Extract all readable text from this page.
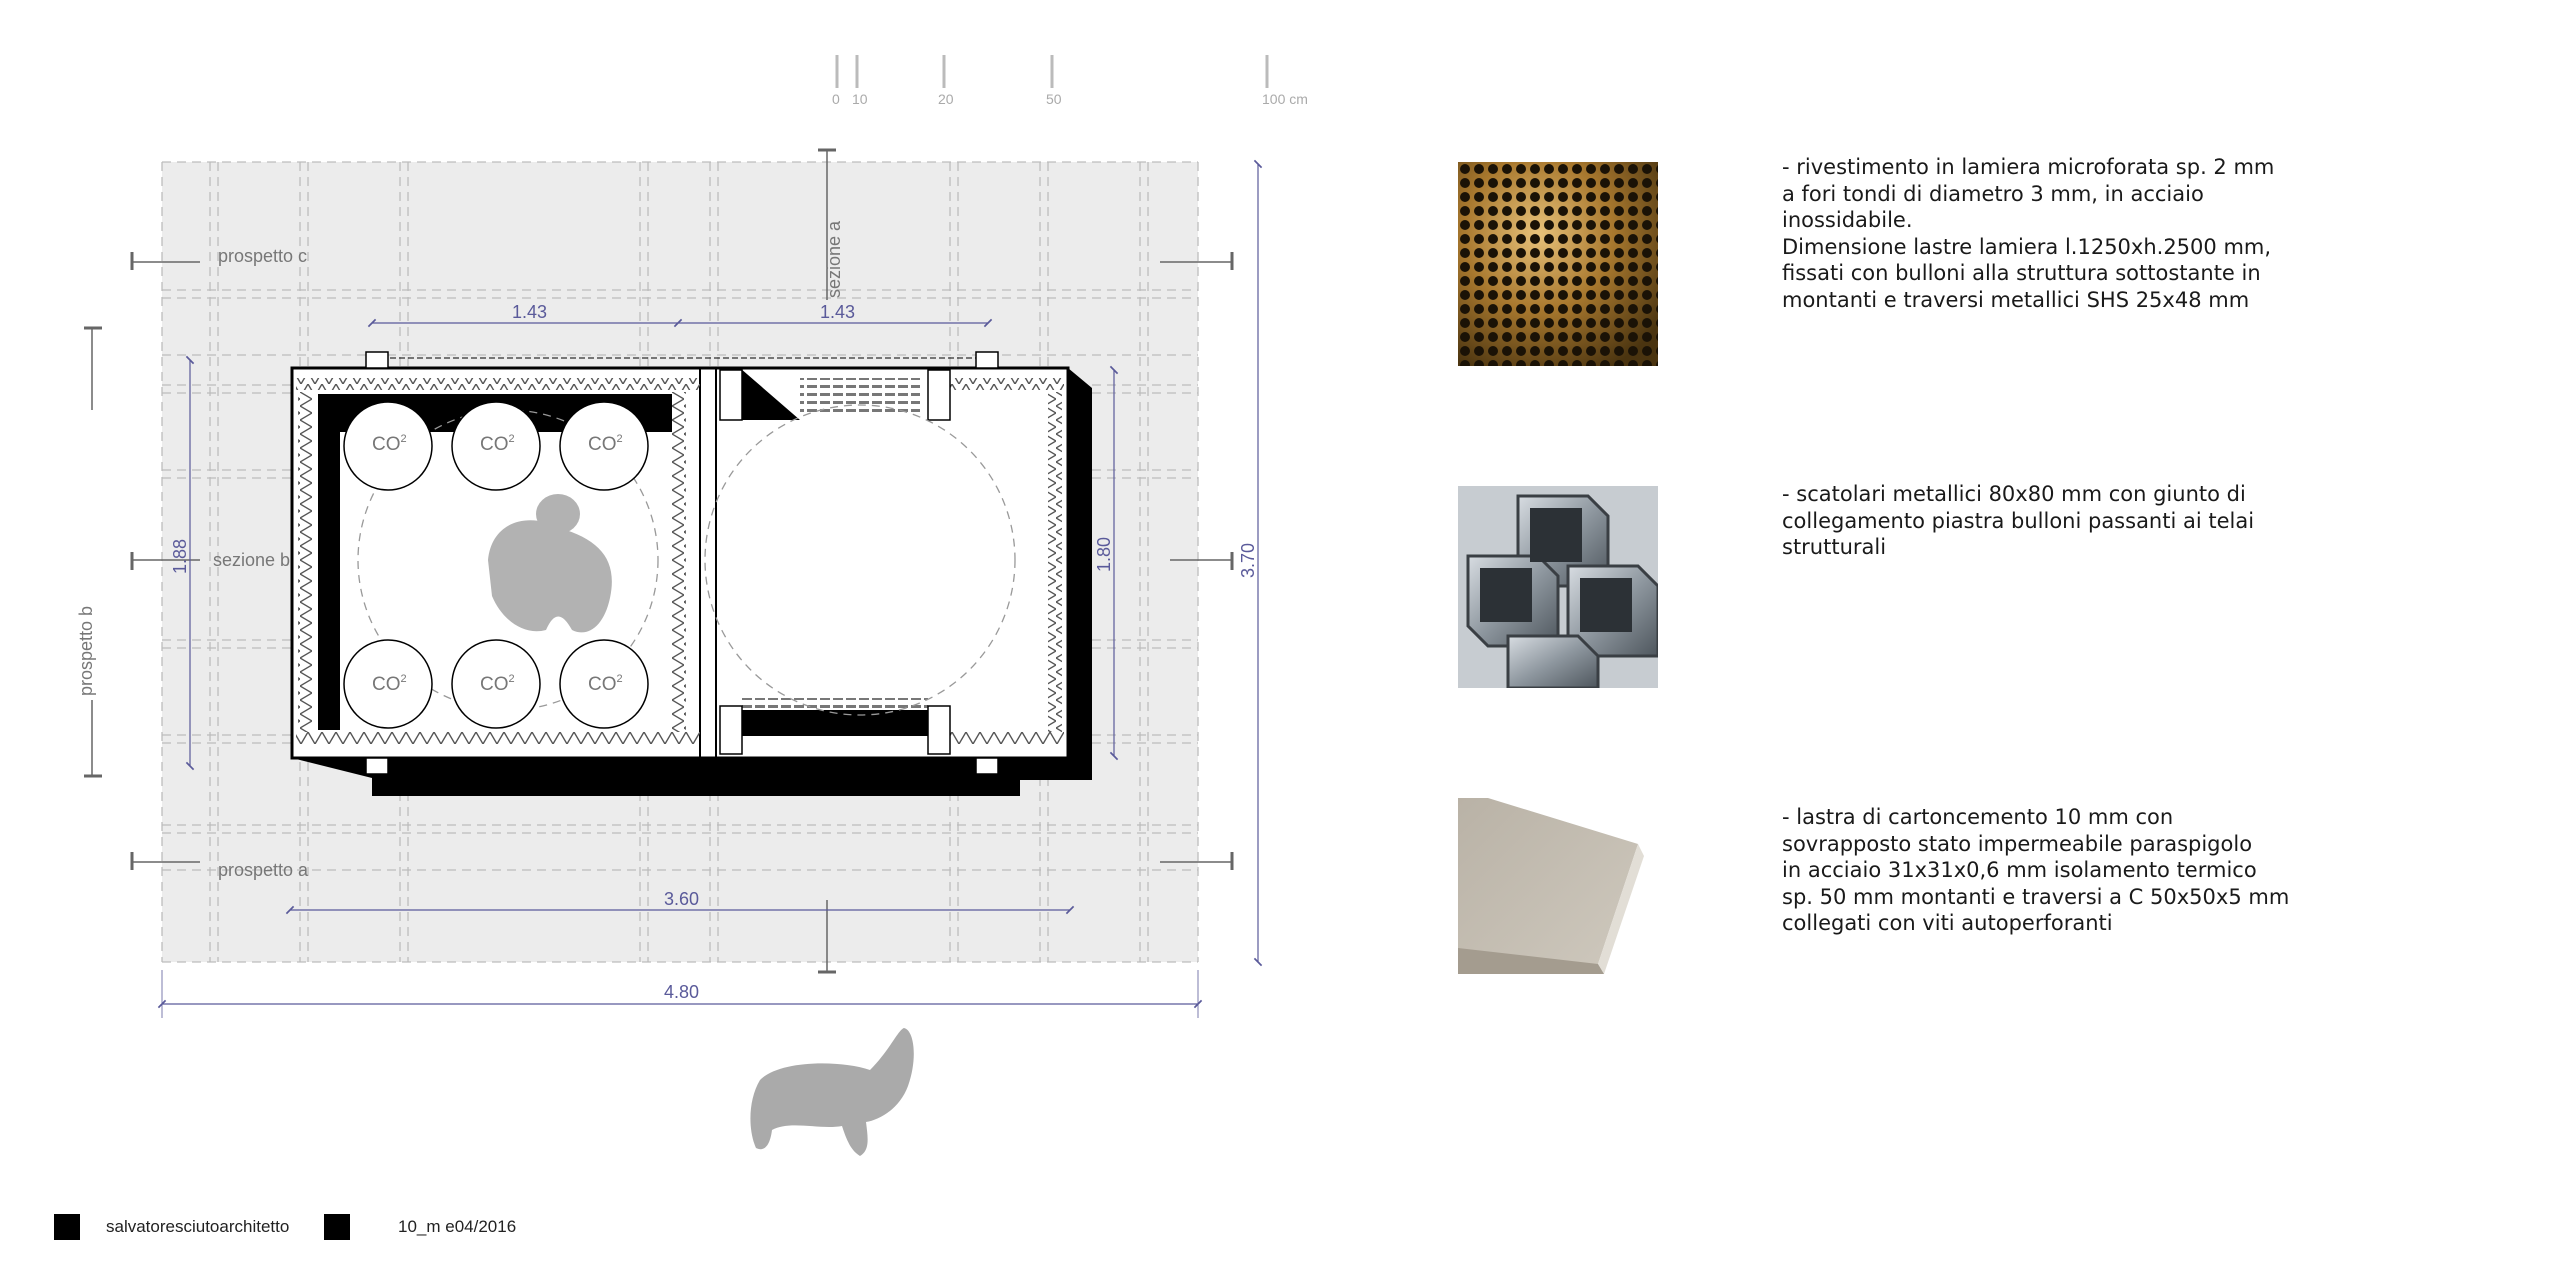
0 10	20	50	100 cm
prospetto c
prospetto a
sezione b
prospetto b
sezione a
1.43	1.43
3.60
4.80
1.88	1.80	3.70
$CO^2$	$CO^2$	$CO^2$
$CO^2$	$CO^2$	$CO^2$
- rivestimento in lamiera microforata sp. 2 mm
a fori tondi di diametro 3 mm, in acciaio
inossidabile.
Dimensione lastre lamiera l.1250xh.2500 mm,
fissati con bulloni alla struttura sottostante in
montanti e traversi metallici SHS 25x48 mm
- scatolari metallici 80x80 mm con giunto di
collegamento piastra bulloni passanti ai telai
strutturali
- lastra di cartoncemento 10 mm con
sovrapposto stato impermeabile paraspigolo
in acciaio 31x31x0,6 mm isolamento termico
sp. 50 mm montanti e traversi a C 50x50x5 mm
collegati con viti autoperforanti
salvatoresciutoarchitetto	10_m e04/2016
